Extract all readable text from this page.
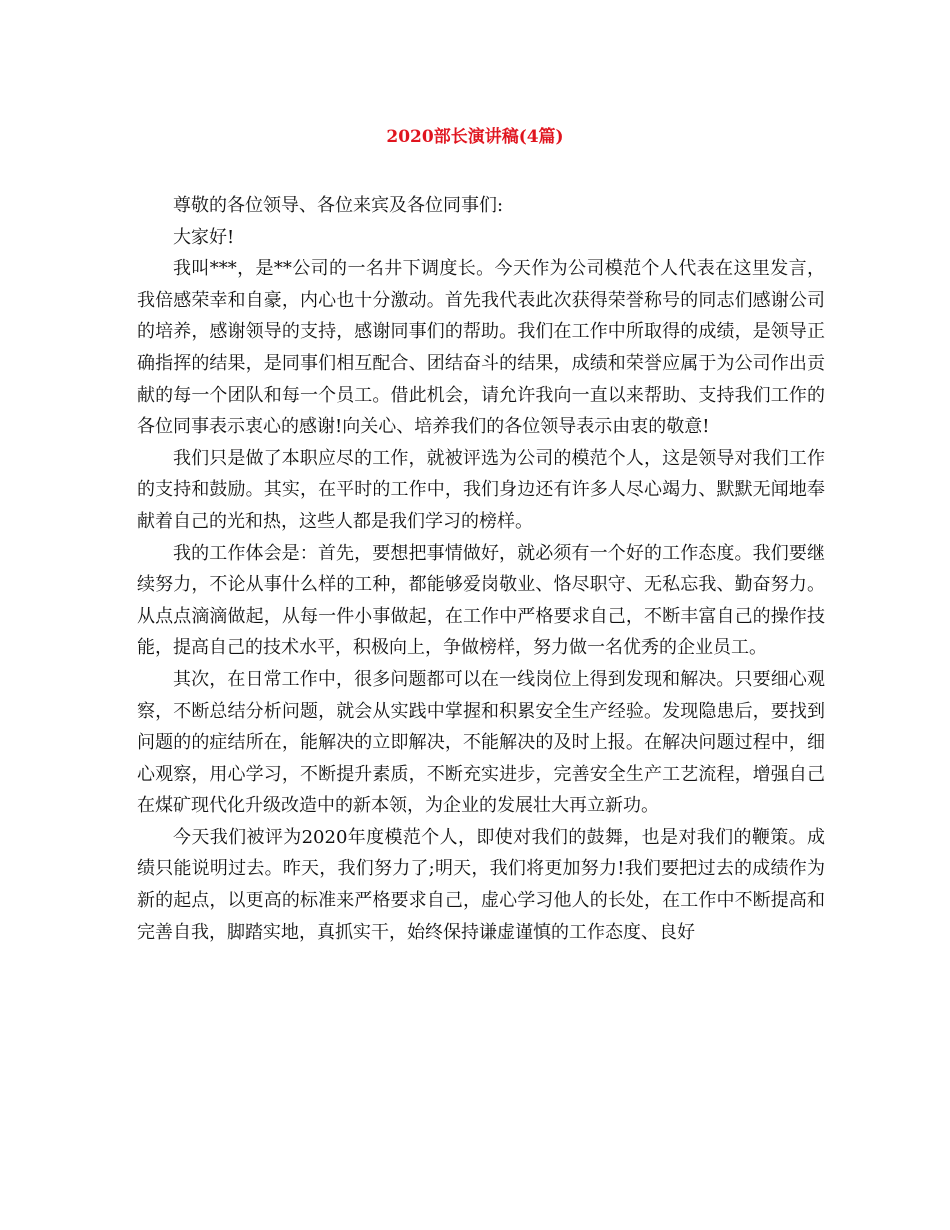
2020部长演讲稿(4篇)

尊敬的各位领导、各位来宾及各位同事们:

大家好!

我叫***，是**公司的一名井下调度长。今天作为公司模范个人代表在这里发言，我倍感荣幸和自豪，内心也十分激动。首先我代表此次获得荣誉称号的同志们感谢公司的培养，感谢领导的支持，感谢同事们的帮助。我们在工作中所取得的成绩，是领导正确指挥的结果，是同事们相互配合、团结奋斗的结果，成绩和荣誉应属于为公司作出贡献的每一个团队和每一个员工。借此机会，请允许我向一直以来帮助、支持我们工作的各位同事表示衷心的感谢!向关心、培养我们的各位领导表示由衷的敬意!

我们只是做了本职应尽的工作，就被评选为公司的模范个人，这是领导对我们工作的支持和鼓励。其实，在平时的工作中，我们身边还有许多人尽心竭力、默默无闻地奉献着自己的光和热，这些人都是我们学习的榜样。

我的工作体会是：首先，要想把事情做好，就必须有一个好的工作态度。我们要继续努力，不论从事什么样的工种，都能够爱岗敬业、恪尽职守、无私忘我、勤奋努力。从点点滴滴做起，从每一件小事做起，在工作中严格要求自己，不断丰富自己的操作技能，提高自己的技术水平，积极向上，争做榜样，努力做一名优秀的企业员工。

其次，在日常工作中，很多问题都可以在一线岗位上得到发现和解决。只要细心观察，不断总结分析问题，就会从实践中掌握和积累安全生产经验。发现隐患后，要找到问题的的症结所在，能解决的立即解决，不能解决的及时上报。在解决问题过程中，细心观察，用心学习，不断提升素质，不断充实进步，完善安全生产工艺流程，增强自己在煤矿现代化升级改造中的新本领，为企业的发展壮大再立新功。

今天我们被评为2020年度模范个人，即使对我们的鼓舞，也是对我们的鞭策。成绩只能说明过去。昨天，我们努力了;明天，我们将更加努力!我们要把过去的成绩作为新的起点，以更高的标准来严格要求自己，虚心学习他人的长处，在工作中不断提高和完善自我，脚踏实地，真抓实干，始终保持谦虚谨慎的工作态度、良好
